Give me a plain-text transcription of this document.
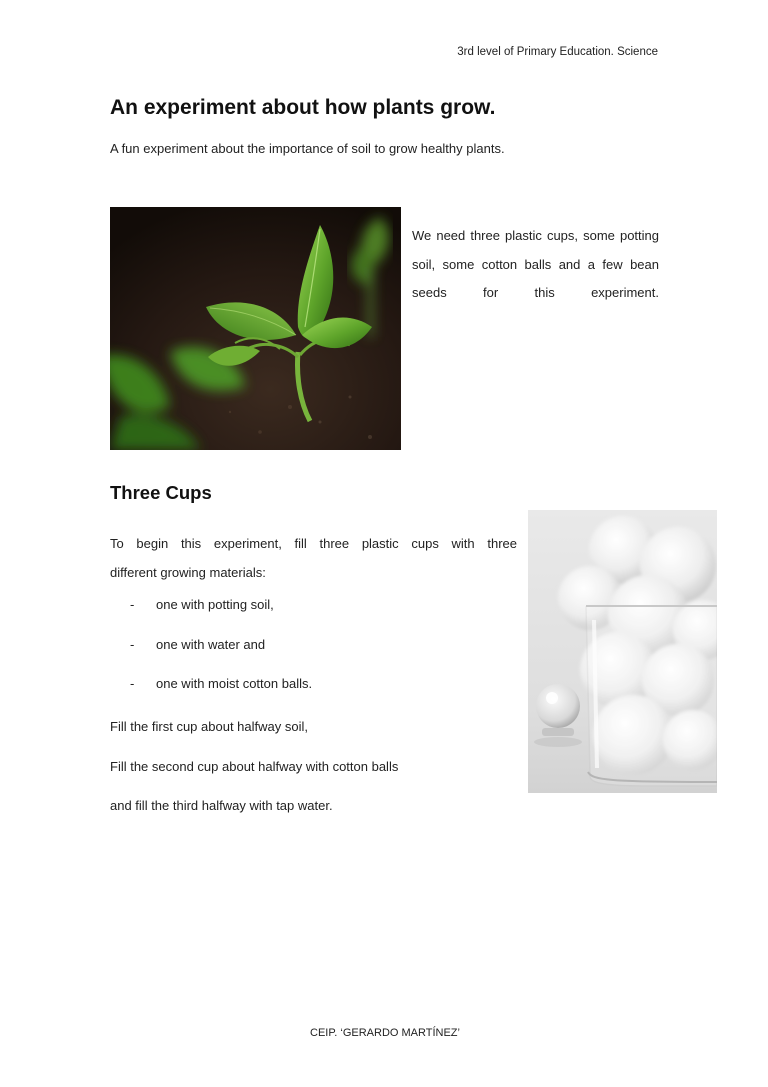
3rd level of Primary Education. Science
An experiment about how plants grow.

A fun experiment about the importance of soil to grow healthy plants.

We need three plastic cups, some potting soil, some cotton balls and a few bean seeds for this experiment.

Three Cups

To begin this experiment, fill three plastic cups with three
different growing materials:

- one with potting soil,
- one with water and
- one with moist cotton balls.

Fill the first cup about halfway soil,

Fill the second cup about halfway with cotton balls

and fill the third halfway with tap water.

CEIP. ‘GERARDO MARTÍNEZ’
